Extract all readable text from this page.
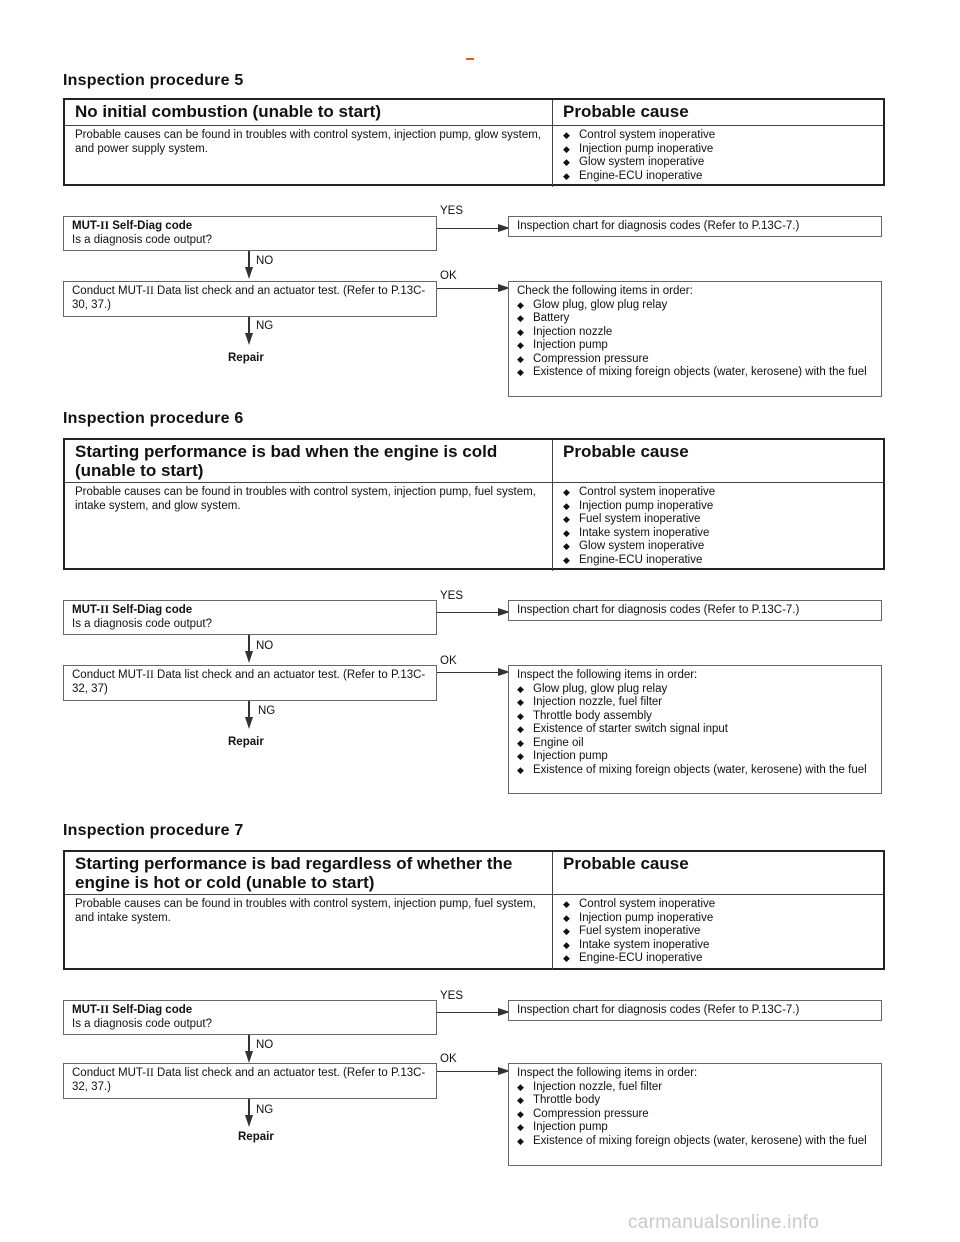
Inspection procedure 5
No initial combustion (unable to start)	Probable cause
Probable causes can be found in troubles with control system, injection pump, glow system, and power supply system.
◆ Control system inoperative
◆ Injection pump inoperative
◆ Glow system inoperative
◆ Engine-ECU inoperative
YES
MUT-II Self-Diag code
Is a diagnosis code output?
Inspection chart for diagnosis codes (Refer to P.13C-7.)
NO
OK
Conduct MUT-II Data list check and an actuator test. (Refer to P.13C-30, 37.)
Check the following items in order:
◆ Glow plug, glow plug relay
◆ Battery
◆ Injection nozzle
◆ Injection pump
◆ Compression pressure
◆ Existence of mixing foreign objects (water, kerosene) with the fuel
NG
Repair
Inspection procedure 6
Starting performance is bad when the engine is cold (unable to start)
Probable cause
Probable causes can be found in troubles with control system, injection pump, fuel system, intake system, and glow system.
◆ Control system inoperative
◆ Injection pump inoperative
◆ Fuel system inoperative
◆ Intake system inoperative
◆ Glow system inoperative
◆ Engine-ECU inoperative
YES
MUT-II Self-Diag code
Is a diagnosis code output?
Inspection chart for diagnosis codes (Refer to P.13C-7.)
NO
OK
Conduct MUT-II Data list check and an actuator test. (Refer to P.13C-32, 37)
Inspect the following items in order:
◆ Glow plug, glow plug relay
◆ Injection nozzle, fuel filter
◆ Throttle body assembly
◆ Existence of starter switch signal input
◆ Engine oil
◆ Injection pump
◆ Existence of mixing foreign objects (water, kerosene) with the fuel
NG
Repair
Inspection procedure 7
Starting performance is bad regardless of whether the engine is hot or cold (unable to start)
Probable cause
Probable causes can be found in troubles with control system, injection pump, fuel system, and intake system.
◆ Control system inoperative
◆ Injection pump inoperative
◆ Fuel system inoperative
◆ Intake system inoperative
◆ Engine-ECU inoperative
YES
MUT-II Self-Diag code
Is a diagnosis code output?
Inspection chart for diagnosis codes (Refer to P.13C-7.)
NO
OK
Conduct MUT-II Data list check and an actuator test. (Refer to P.13C-32, 37.)
Inspect the following items in order:
◆ Injection nozzle, fuel filter
◆ Throttle body
◆ Compression pressure
◆ Injection pump
◆ Existence of mixing foreign objects (water, kerosene) with the fuel
NG
Repair
carmanualsonline.info
